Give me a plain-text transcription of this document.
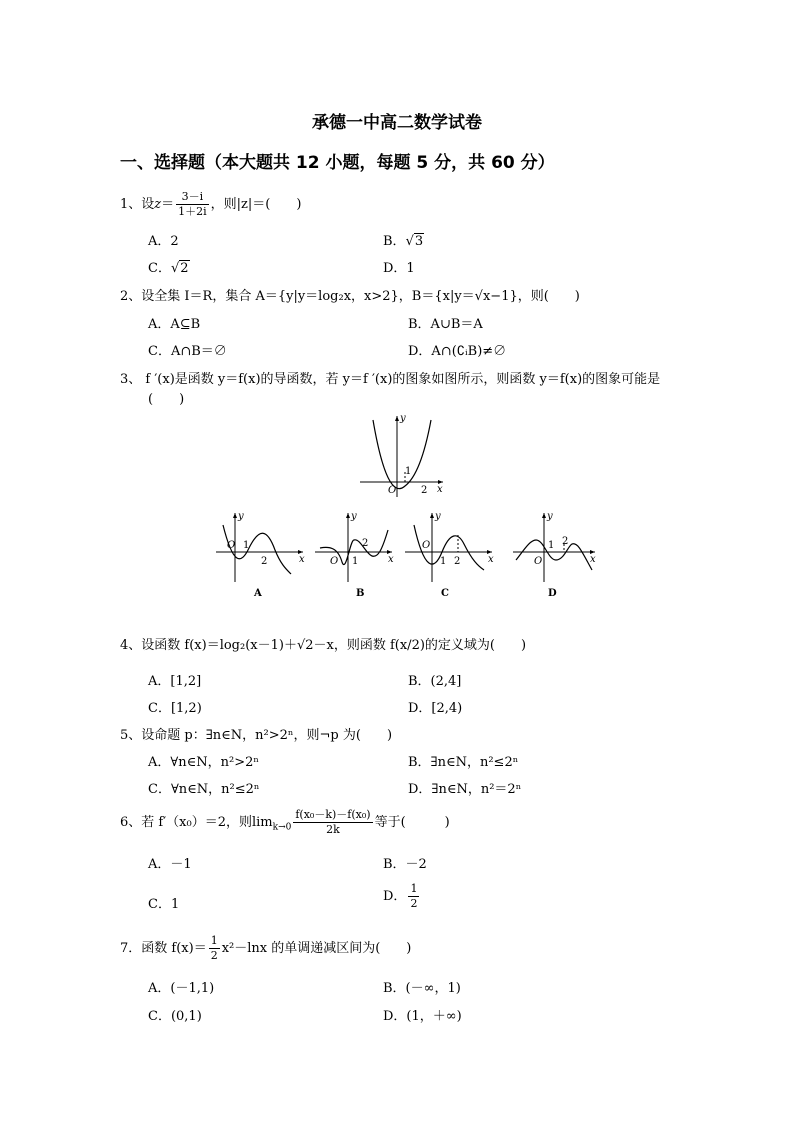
承德一中高二数学试卷
一、选择题（本大题共 12 小题，每题 5 分，共 60 分）
1、设$z= \frac{3-i}{1+2i}$ ，则|z|＝(　　)
A．2	B．√3
C．√2	D．1
2、设全集 I＝R，集合 A＝{y|y＝log₂x，x>2}，B＝{x|y＝√x−1}，则(　　)
A．A⊆B	B．A∪B＝A
C．A∩B＝∅	D．A∩(∁ᵢB)≠∅
3、 f ′(x)是函数 y＝f(x)的导函数，若 y＝f ′(x)的图象如图所示，则函数 y＝f(x)的图象可能是
(　　)
y
x
O
1
2
y
x
O 1
2
A
y
x
O 1
2
B
y
x
O
1 2
C
y
x
O
1 2
D
4、设函数 f(x)＝log₂(x－1)＋√2－x，则函数 f(x/2)的定义域为(　　)
A．[1,2]	B．(2,4]
C．[1,2)	D．[2,4)
5、设命题 p：∃n∈N，n²>2ⁿ，则¬p 为(　　)
A．∀n∈N，n²>2ⁿ	B．∃n∈N，n²≤2ⁿ
C．∀n∈N，n²≤2ⁿ	D．∃n∈N，n²＝2ⁿ
6、若 f′（x₀）＝2，则$\lim_{k\to 0} \frac{\text{f(x₀－k)－f(x₀)}}{2k}$ 等于(　　　)
A．－1	B．－2
C．1
D． $\frac{1}{2}$
7．函数 $f(x)= \frac{1}{2} x^2-\ln x$ 的单调递减区间为(　　)
A．(－1,1)	B．(－∞，1)
C．(0,1)	D．(1，＋∞)
